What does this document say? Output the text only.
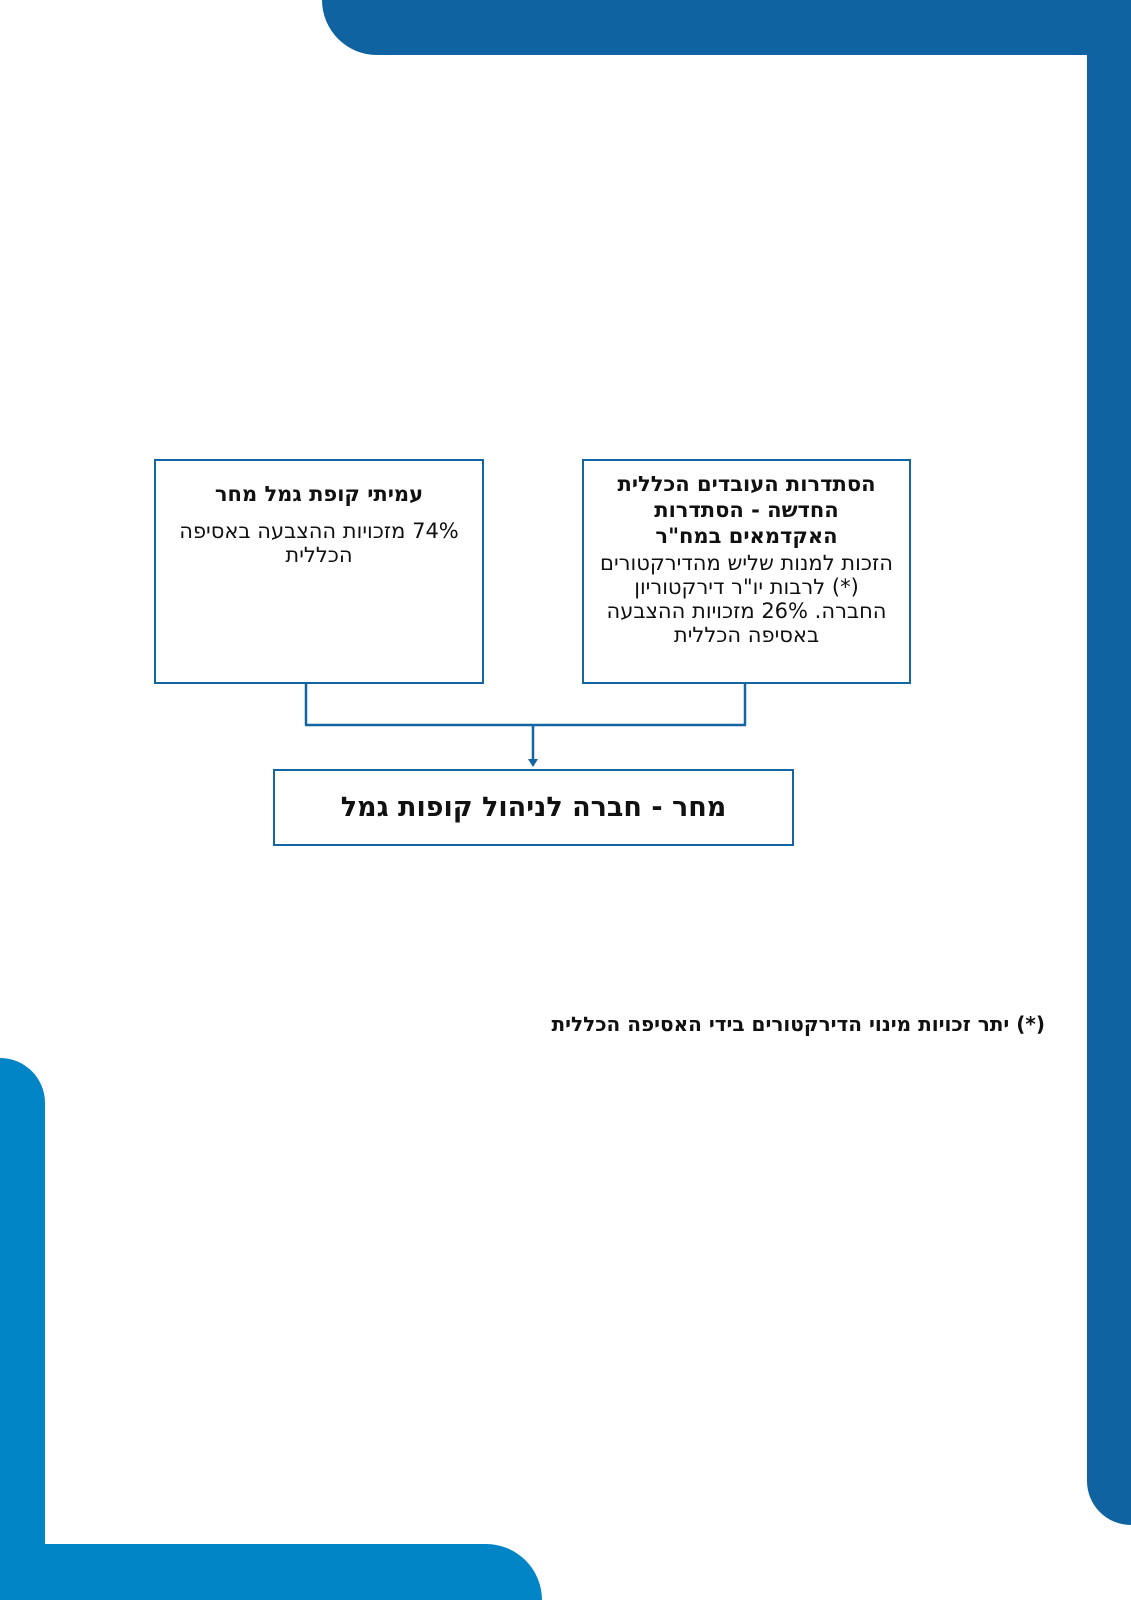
הסתדרות העובדים הכללית החדשה - הסתדרות האקדמאים במח"ר
הזכות למנות שליש מהדירקטורים (*) לרבות יו"ר דירקטוריון החברה. 26% מזכויות ההצבעה באסיפה הכללית
עמיתי קופת גמל מחר
74% מזכויות ההצבעה באסיפה הכללית
מחר - חברה לניהול קופות גמל
(*) יתר זכויות מינוי הדירקטורים בידי האסיפה הכללית
